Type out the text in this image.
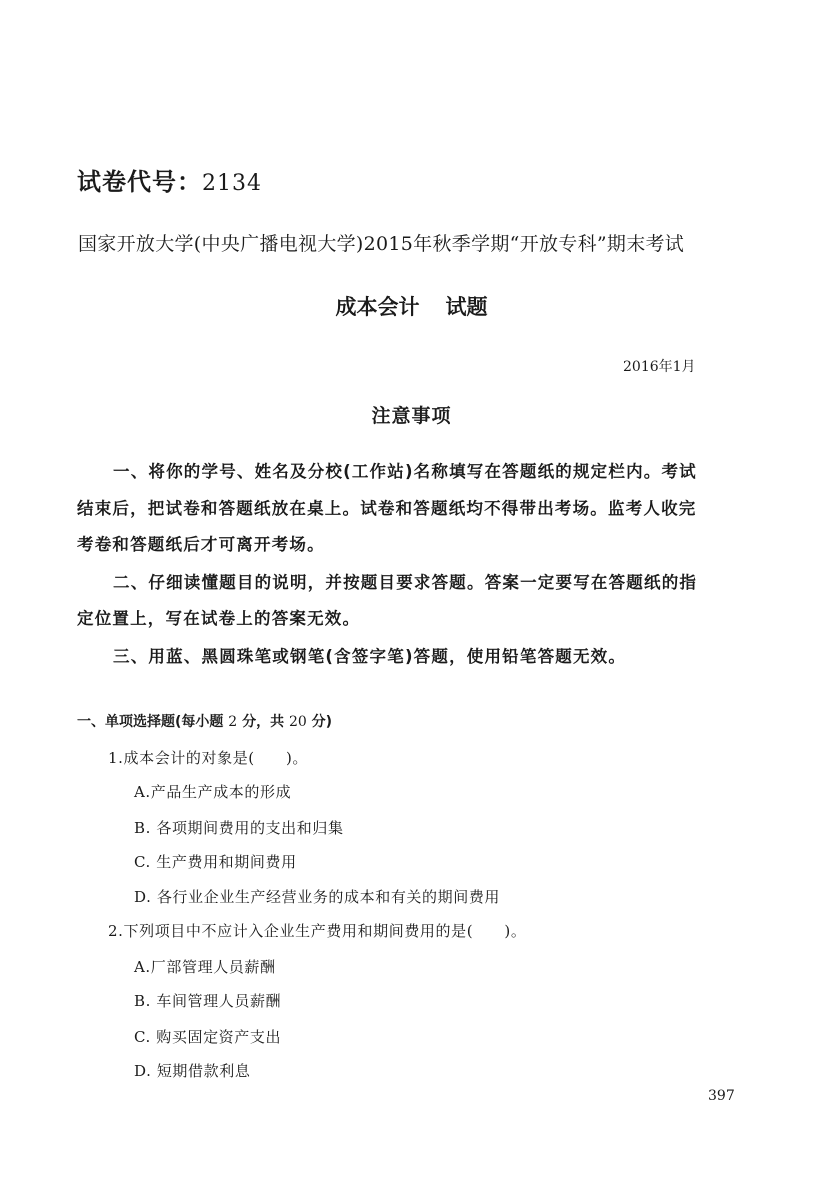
试卷代号：2134
国家开放大学(中央广播电视大学)2015年秋季学期“开放专科”期末考试
成本会计 试题
2016年1月
注意事项
一、将你的学号、姓名及分校(工作站)名称填写在答题纸的规定栏内。考试
结束后，把试卷和答题纸放在桌上。试卷和答题纸均不得带出考场。监考人收完
考卷和答题纸后才可离开考场。
二、仔细读懂题目的说明，并按题目要求答题。答案一定要写在答题纸的指
定位置上，写在试卷上的答案无效。
三、用蓝、黑圆珠笔或钢笔(含签字笔)答题，使用铅笔答题无效。
一、单项选择题(每小题 2 分，共 20 分)
1.成本会计的对象是(　　)。
A.产品生产成本的形成
B. 各项期间费用的支出和归集
C. 生产费用和期间费用
D. 各行业企业生产经营业务的成本和有关的期间费用
2.下列项目中不应计入企业生产费用和期间费用的是(　　)。
A.厂部管理人员薪酬
B. 车间管理人员薪酬
C. 购买固定资产支出
D. 短期借款利息
397
